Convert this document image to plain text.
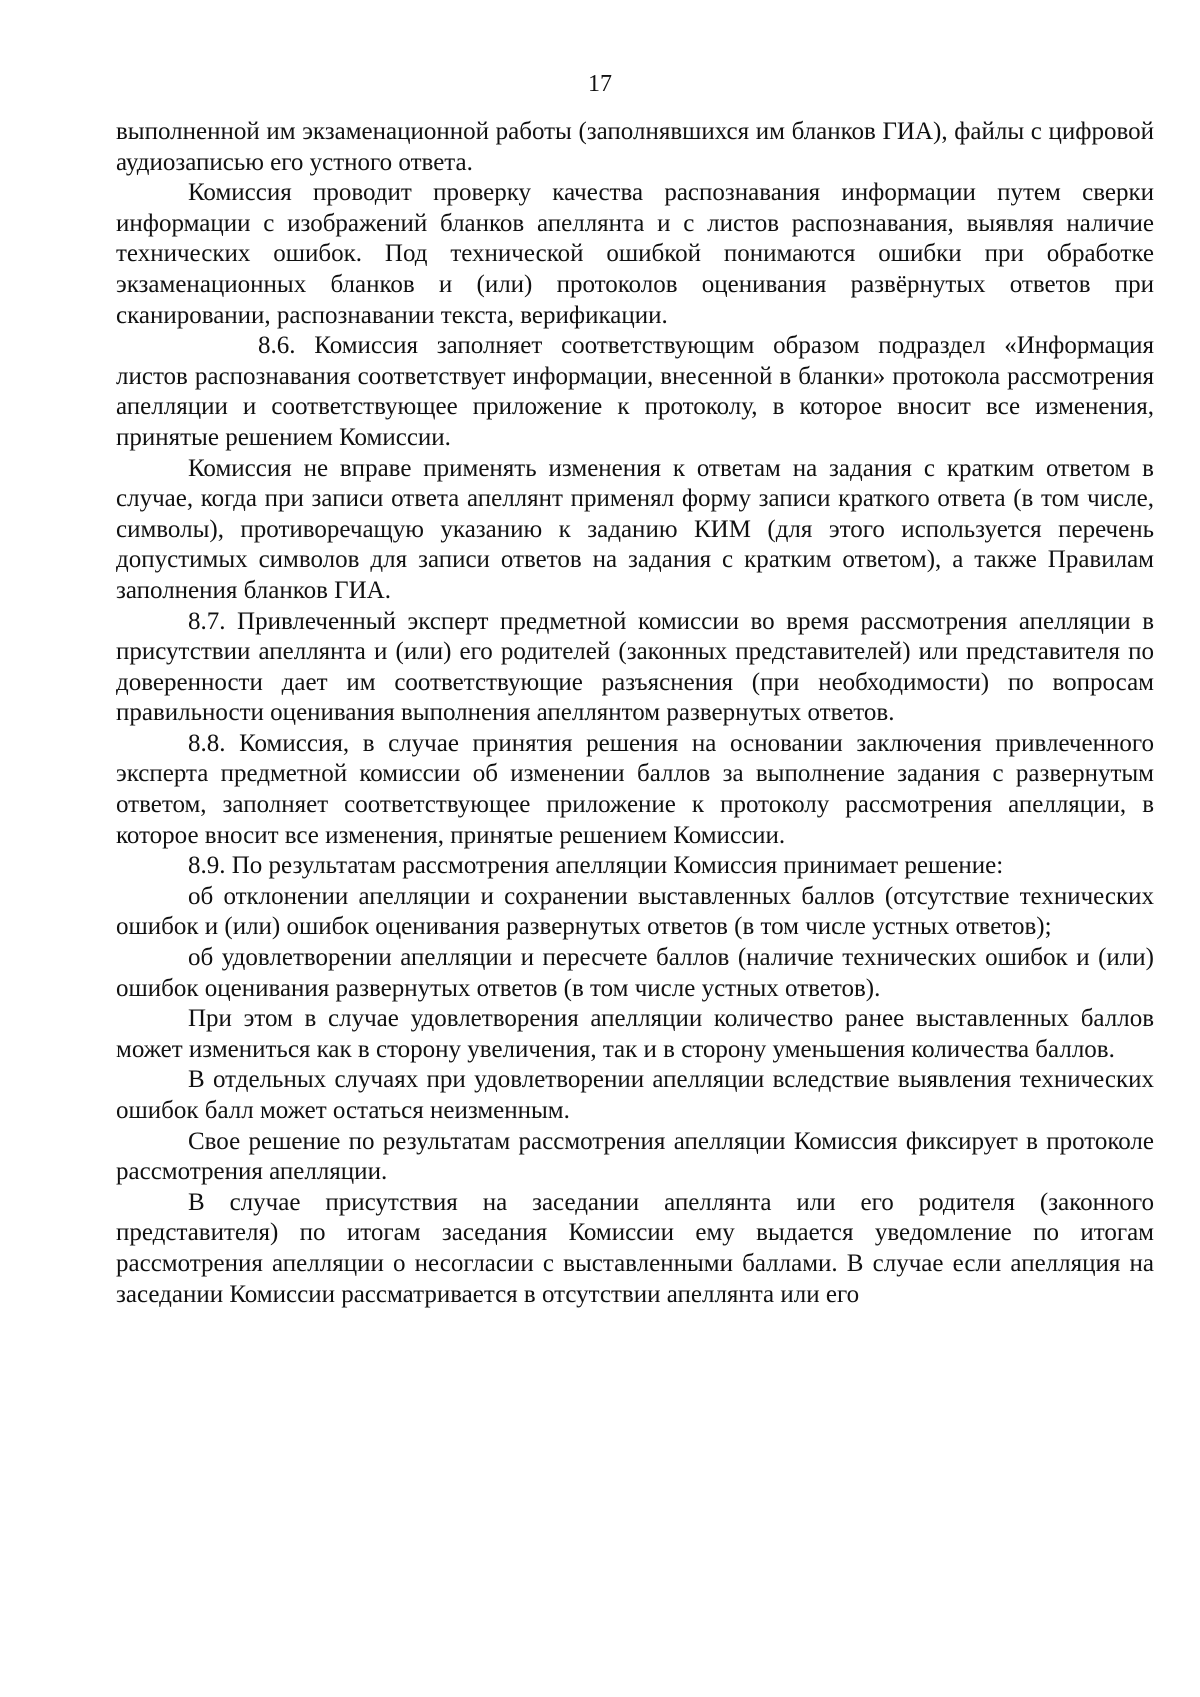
17

выполненной им экзаменационной работы (заполнявшихся им бланков ГИА), файлы с цифровой аудиозаписью его устного ответа.

Комиссия проводит проверку качества распознавания информации путем сверки информации с изображений бланков апеллянта и с листов распознавания, выявляя наличие технических ошибок. Под технической ошибкой понимаются ошибки при обработке экзаменационных бланков и (или) протоколов оценивания развёрнутых ответов при сканировании, распознавании текста, верификации.

8.6. Комиссия заполняет соответствующим образом подраздел «Информация листов распознавания соответствует информации, внесенной в бланки» протокола рассмотрения апелляции и соответствующее приложение к протоколу, в которое вносит все изменения, принятые решением Комиссии.

Комиссия не вправе применять изменения к ответам на задания с кратким ответом в случае, когда при записи ответа апеллянт применял форму записи краткого ответа (в том числе, символы), противоречащую указанию к заданию КИМ (для этого используется перечень допустимых символов для записи ответов на задания с кратким ответом), а также Правилам заполнения бланков ГИА.

8.7. Привлеченный эксперт предметной комиссии во время рассмотрения апелляции в присутствии апеллянта и (или) его родителей (законных представителей) или представителя по доверенности дает им соответствующие разъяснения (при необходимости) по вопросам правильности оценивания выполнения апеллянтом развернутых ответов.

8.8. Комиссия, в случае принятия решения на основании заключения привлеченного эксперта предметной комиссии об изменении баллов за выполнение задания с развернутым ответом, заполняет соответствующее приложение к протоколу рассмотрения апелляции, в которое вносит все изменения, принятые решением Комиссии.

8.9. По результатам рассмотрения апелляции Комиссия принимает решение:

об отклонении апелляции и сохранении выставленных баллов (отсутствие технических ошибок и (или) ошибок оценивания развернутых ответов (в том числе устных ответов);

об удовлетворении апелляции и пересчете баллов (наличие технических ошибок и (или) ошибок оценивания развернутых ответов (в том числе устных ответов).

При этом в случае удовлетворения апелляции количество ранее выставленных баллов может измениться как в сторону увеличения, так и в сторону уменьшения количества баллов.

В отдельных случаях при удовлетворении апелляции вследствие выявления технических ошибок балл может остаться неизменным.

Свое решение по результатам рассмотрения апелляции Комиссия фиксирует в протоколе рассмотрения апелляции.

В случае присутствия на заседании апеллянта или его родителя (законного представителя) по итогам заседания Комиссии ему выдается уведомление по итогам рассмотрения апелляции о несогласии с выставленными баллами. В случае если апелляция на заседании Комиссии рассматривается в отсутствии апеллянта или его
